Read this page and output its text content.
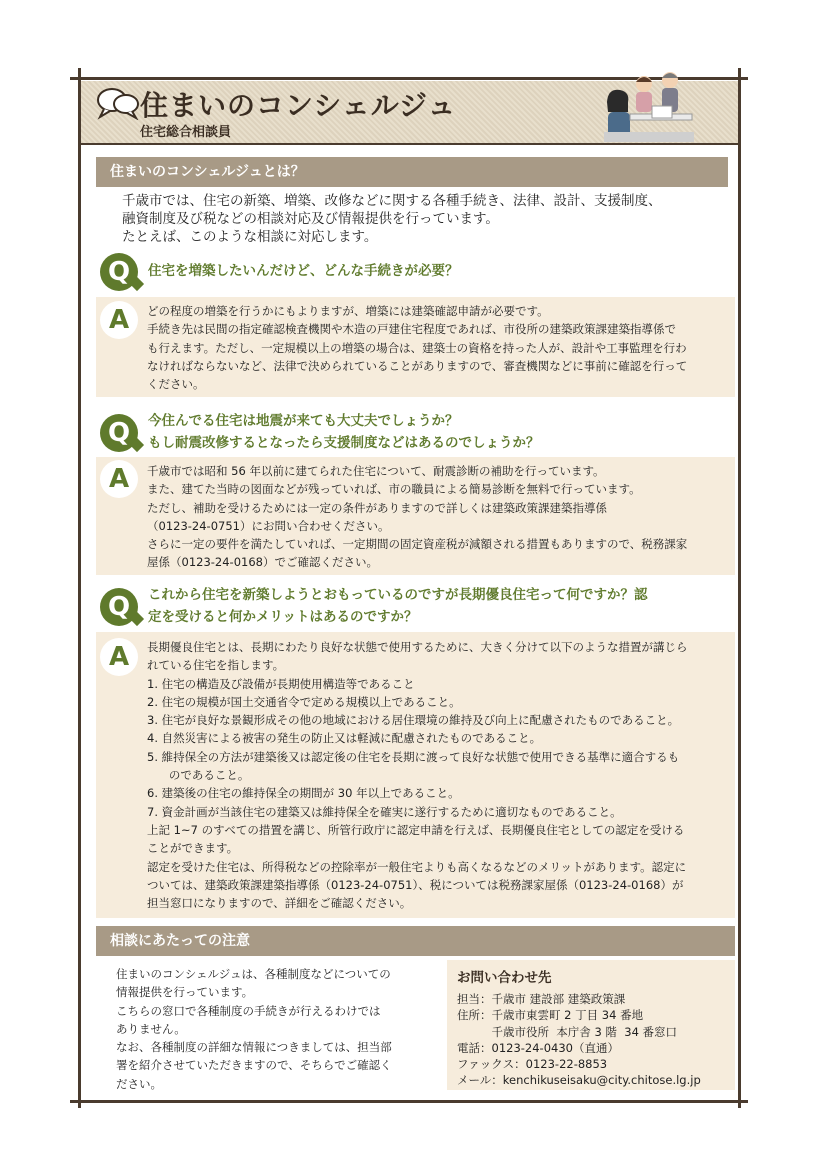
住まいのコンシェルジュ
住宅総合相談員
住まいのコンシェルジュとは？
千歳市では、住宅の新築、増築、改修などに関する各種手続き、法律、設計、支援制度、
融資制度及び税などの相談対応及び情報提供を行っています。
たとえば、このような相談に対応します。
Q	住宅を増築したいんだけど、どんな手続きが必要？
A	どの程度の増築を行うかにもよりますが、増築には建築確認申請が必要です。
手続き先は民間の指定確認検査機関や木造の戸建住宅程度であれば、市役所の建築政策課建築指導係で
も行えます。ただし、一定規模以上の増築の場合は、建築士の資格を持った人が、設計や工事監理を行わ
なければならないなど、法律で決められていることがありますので、審査機関などに事前に確認を行って
ください。
Q	今住んでる住宅は地震が来ても大丈夫でしょうか？
もし耐震改修するとなったら支援制度などはあるのでしょうか？
A	千歳市では昭和 56 年以前に建てられた住宅について、耐震診断の補助を行っています。
また、建てた当時の図面などが残っていれば、市の職員による簡易診断を無料で行っています。
ただし、補助を受けるためには一定の条件がありますので詳しくは建築政策課建築指導係
（0123-24-0751）にお問い合わせください。
さらに一定の要件を満たしていれば、一定期間の固定資産税が減額される措置もありますので、税務課家
屋係（0123-24-0168）でご確認ください。
Q	これから住宅を新築しようとおもっているのですが長期優良住宅って何ですか？認
定を受けると何かメリットはあるのですか？
A	長期優良住宅とは、長期にわたり良好な状態で使用するために、大きく分けて以下のような措置が講じら
れている住宅を指します。
1. 住宅の構造及び設備が長期使用構造等であること
2. 住宅の規模が国土交通省令で定める規模以上であること。
3. 住宅が良好な景観形成その他の地域における居住環境の維持及び向上に配慮されたものであること。
4. 自然災害による被害の発生の防止又は軽減に配慮されたものであること。
5. 維持保全の方法が建築後又は認定後の住宅を長期に渡って良好な状態で使用できる基準に適合するも
のであること。
6. 建築後の住宅の維持保全の期間が 30 年以上であること。
7. 資金計画が当該住宅の建築又は維持保全を確実に遂行するために適切なものであること。
上記 1~7 のすべての措置を講じ、所管行政庁に認定申請を行えば、長期優良住宅としての認定を受ける
ことができます。
認定を受けた住宅は、所得税などの控除率が一般住宅よりも高くなるなどのメリットがあります。認定に
ついては、建築政策課建築指導係（0123-24-0751）、税については税務課家屋係（0123-24-0168）が
担当窓口になりますので、詳細をご確認ください。
相談にあたっての注意
住まいのコンシェルジュは、各種制度などについての
情報提供を行っています。
こちらの窓口で各種制度の手続きが行えるわけでは
ありません。
なお、各種制度の詳細な情報につきましては、担当部
署を紹介させていただきますので、そちらでご確認く
ださい。
お問い合わせ先
担当：千歳市 建設部 建築政策課
住所：千歳市東雲町 2 丁目 34 番地
　　　千歳市役所  本庁舎 3 階  34 番窓口
電話：0123-24-0430（直通）
ファックス：0123-22-8853
メール：kenchikuseisaku@city.chitose.lg.jp
